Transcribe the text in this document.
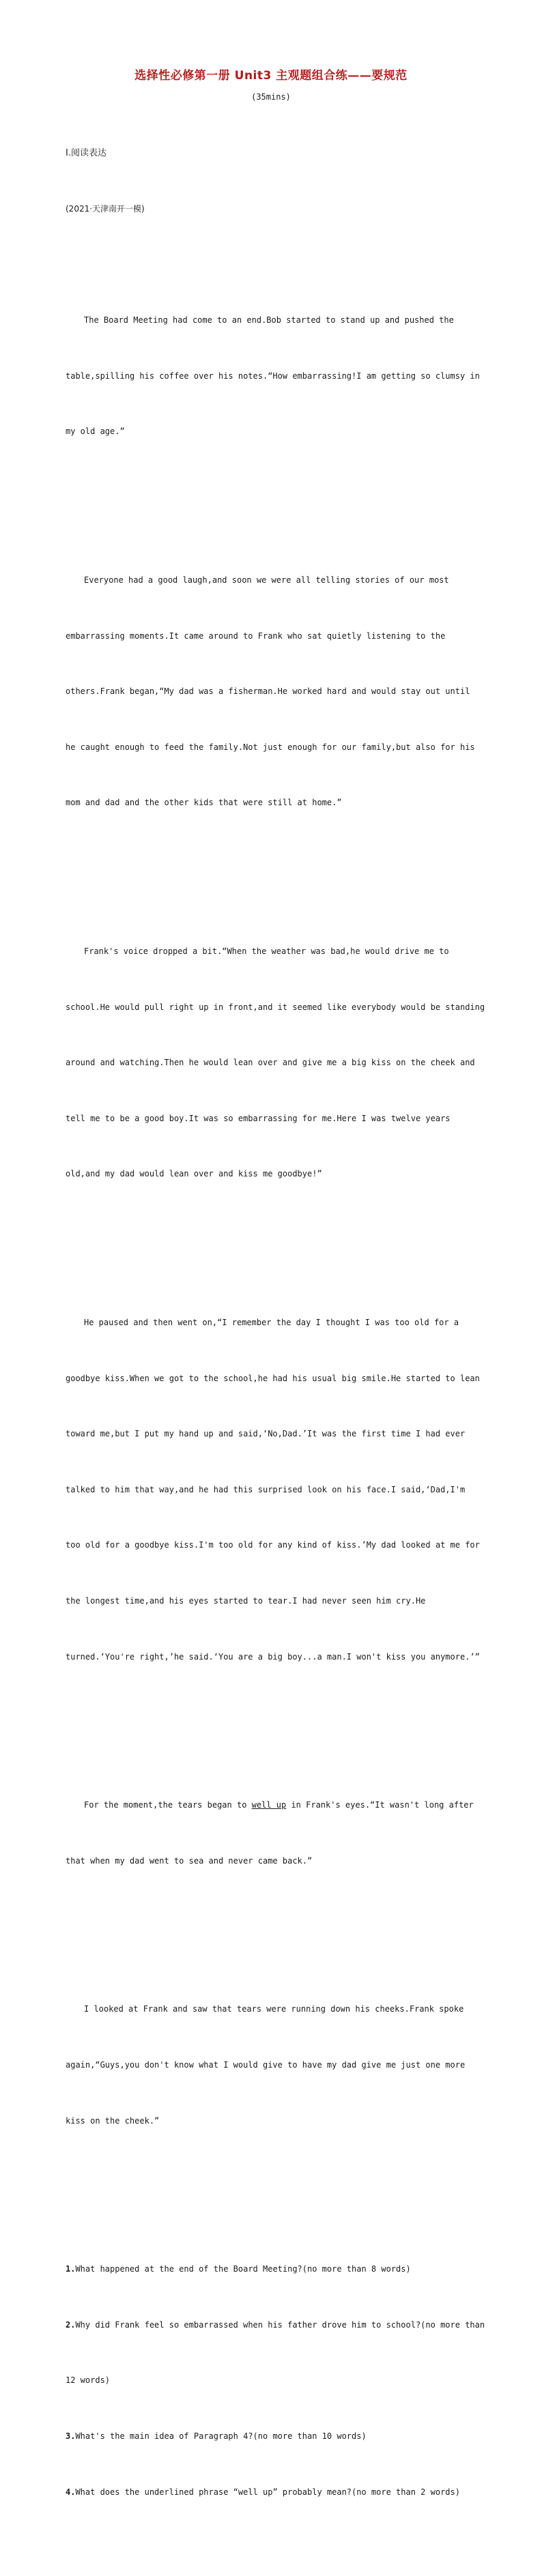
选择性必修第一册 Unit3 主观题组合练——要规范
(35mins)

Ⅰ.阅读表达

(2021·天津南开一模)

The Board Meeting had come to an end.Bob started to stand up and pushed the

table,spilling his coffee over his notes.“How embarrassing!I am getting so clumsy in

my old age.”

Everyone had a good laugh,and soon we were all telling stories of our most

embarrassing moments.It came around to Frank who sat quietly listening to the

others.Frank began,“My dad was a fisherman.He worked hard and would stay out until

he caught enough to feed the family.Not just enough for our family,but also for his

mom and dad and the other kids that were still at home.”

Frank's voice dropped a bit.“When the weather was bad,he would drive me to

school.He would pull right up in front,and it seemed like everybody would be standing

around and watching.Then he would lean over and give me a big kiss on the cheek and

tell me to be a good boy.It was so embarrassing for me.Here I was twelve years

old,and my dad would lean over and kiss me goodbye!”

He paused and then went on,“I remember the day I thought I was too old for a

goodbye kiss.When we got to the school,he had his usual big smile.He started to lean

toward me,but I put my hand up and said,‘No,Dad.’It was the first time I had ever

talked to him that way,and he had this surprised look on his face.I said,‘Dad,I'm

too old for a goodbye kiss.I'm too old for any kind of kiss.’My dad looked at me for

the longest time,and his eyes started to tear.I had never seen him cry.He

turned.‘You're right,’he said.‘You are a big boy...a man.I won't kiss you anymore.’”

For the moment,the tears began to well up in Frank's eyes.“It wasn't long after

that when my dad went to sea and never came back.”

I looked at Frank and saw that tears were running down his cheeks.Frank spoke

again,“Guys,you don't know what I would give to have my dad give me just one more

kiss on the cheek.”

1.What happened at the end of the Board Meeting?(no more than 8 words)

2.Why did Frank feel so embarrassed when his father drove him to school?(no more than

12 words)

3.What's the main idea of Paragraph 4?(no more than 10 words)

4.What does the underlined phrase “well up” probably mean?(no more than 2 words)
